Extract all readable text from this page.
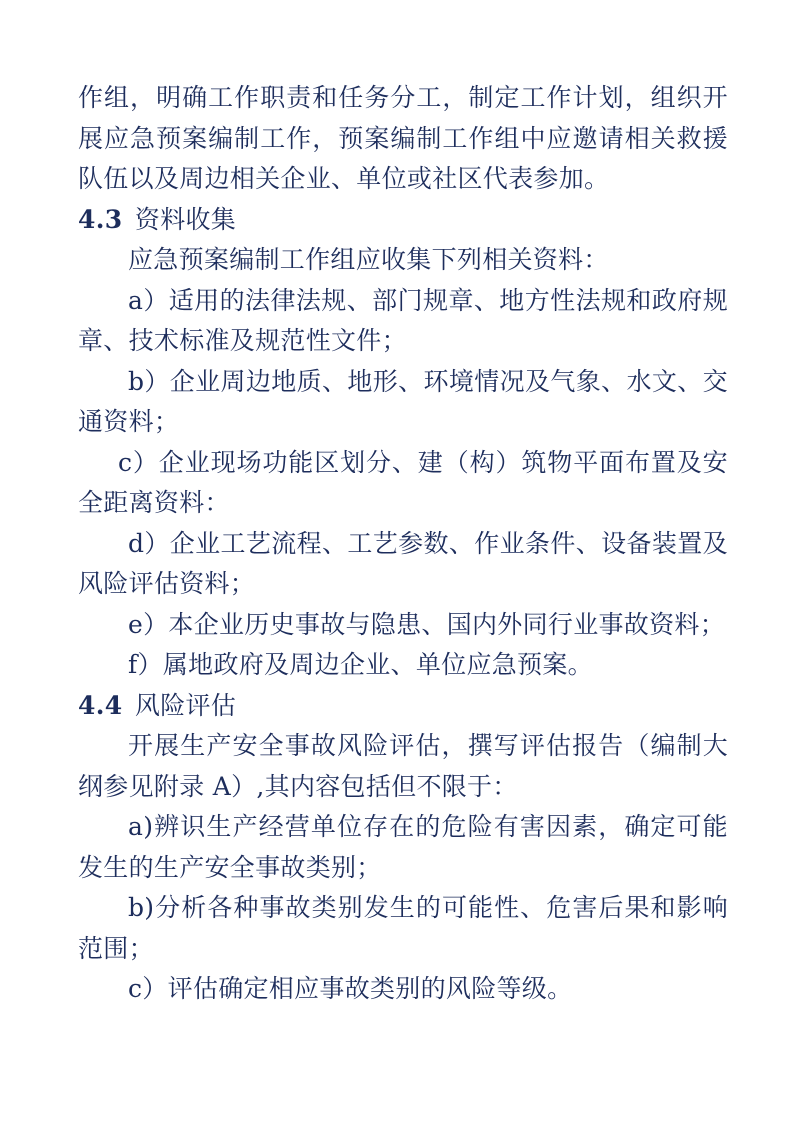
作组，明确工作职责和任务分工，制定工作计划，组织开展应急预案编制工作，预案编制工作组中应邀请相关救援队伍以及周边相关企业、单位或社区代表参加。

4.3 资料收集

应急预案编制工作组应收集下列相关资料：

a）适用的法律法规、部门规章、地方性法规和政府规章、技术标准及规范性文件；

b）企业周边地质、地形、环境情况及气象、水文、交通资料；

c）企业现场功能区划分、建（构）筑物平面布置及安全距离资料：

d）企业工艺流程、工艺参数、作业条件、设备装置及风险评估资料；

e）本企业历史事故与隐患、国内外同行业事故资料；

f）属地政府及周边企业、单位应急预案。

4.4 风险评估

开展生产安全事故风险评估，撰写评估报告（编制大纲参见附录 A）,其内容包括但不限于：

a)辨识生产经营单位存在的危险有害因素，确定可能发生的生产安全事故类别；

b)分析各种事故类别发生的可能性、危害后果和影响范围；

c）评估确定相应事故类别的风险等级。
